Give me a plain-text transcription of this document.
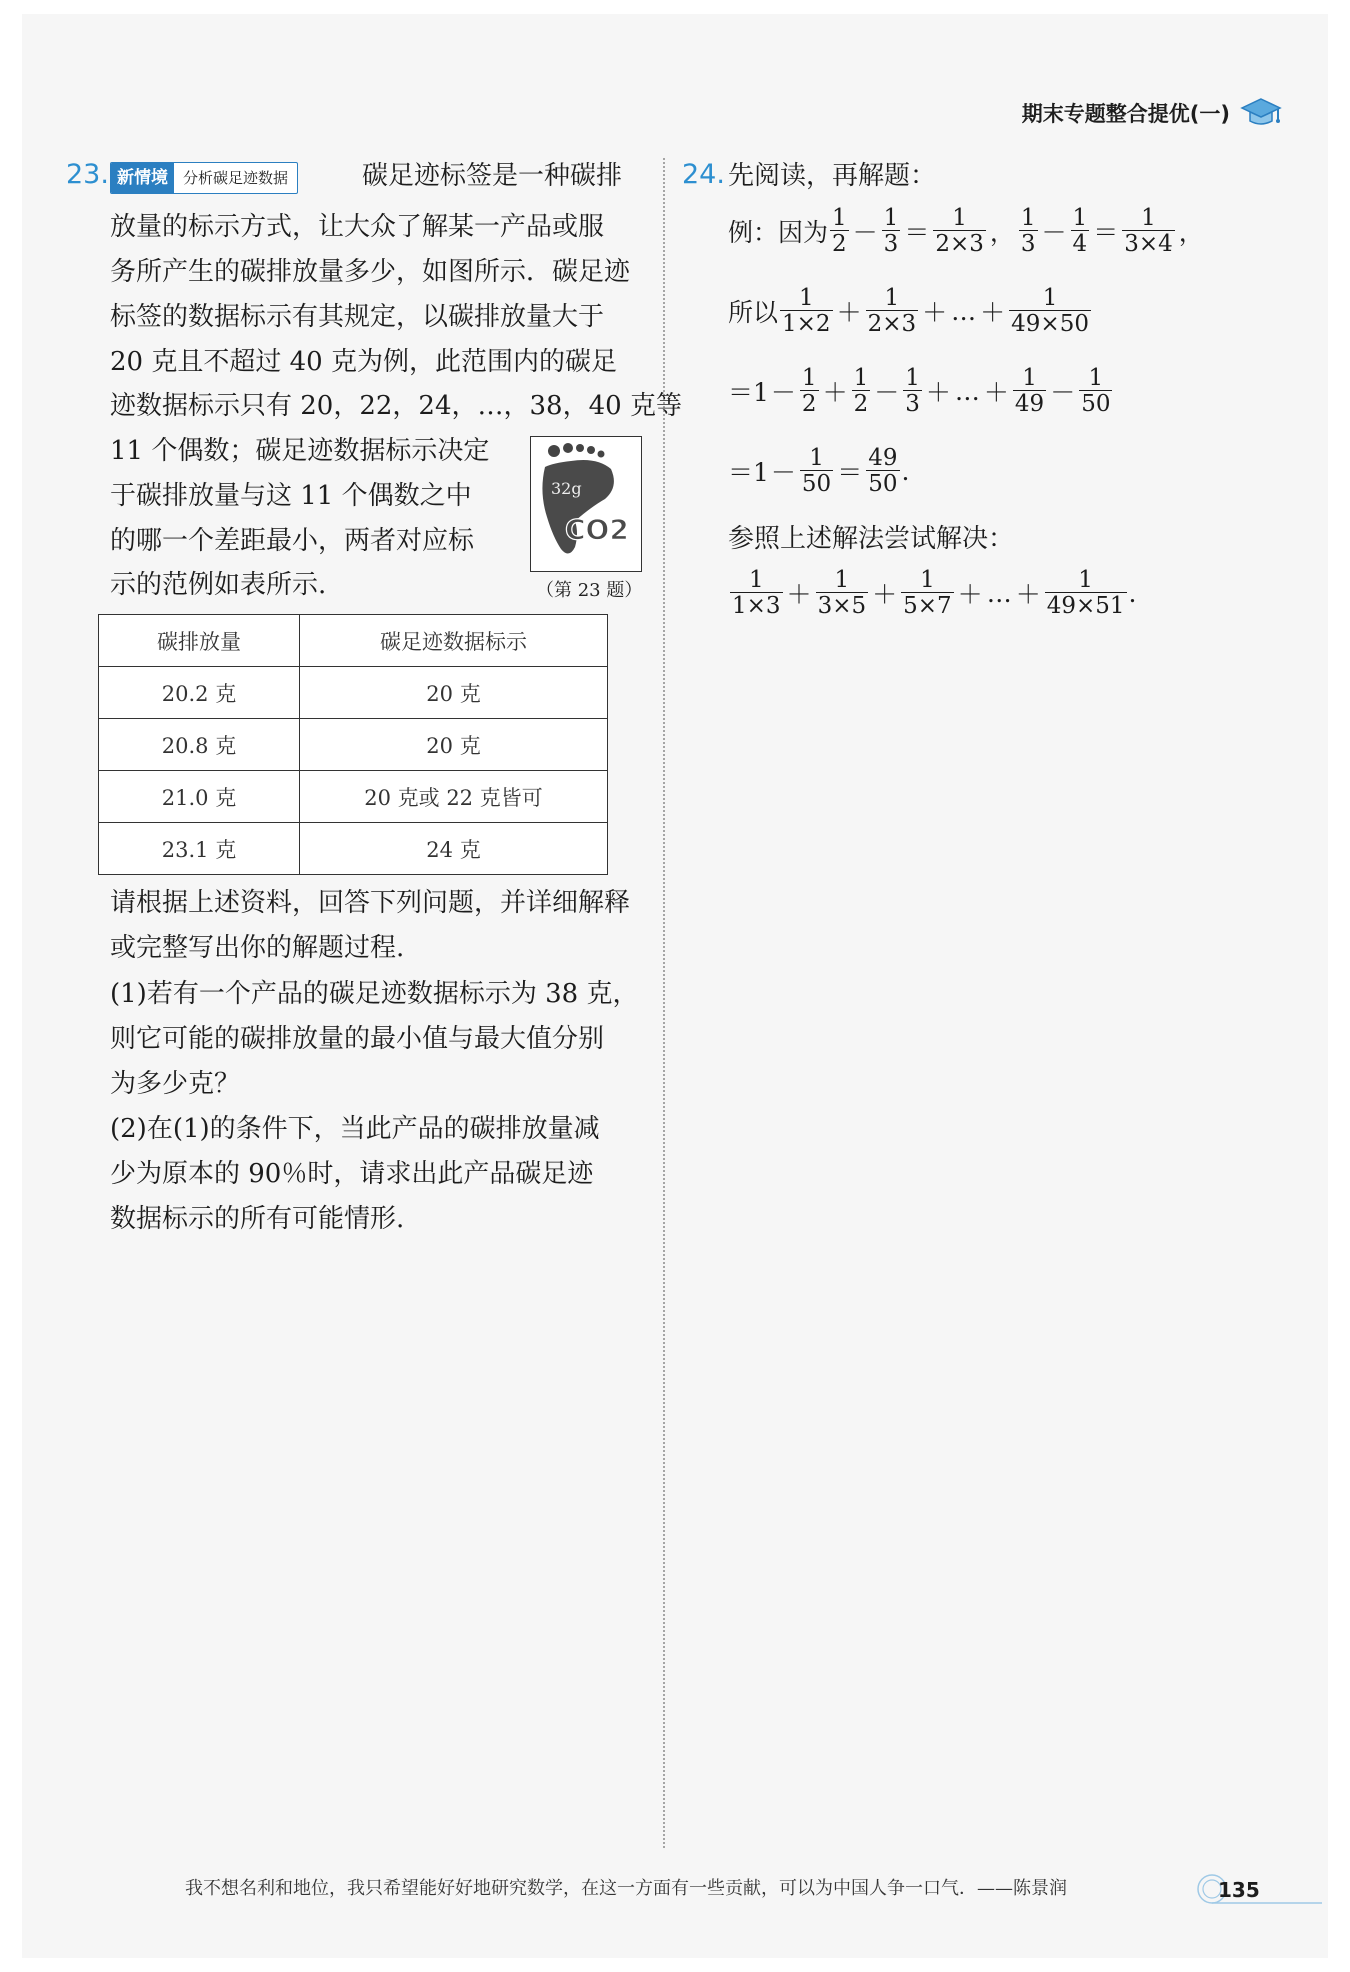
期末专题整合提优(一)
23. 新情境	分析碳足迹数据	碳足迹标签是一种碳排
放量的标示方式，让大众了解某一产品或服
务所产生的碳排放量多少，如图所示．碳足迹
标签的数据标示有其规定，以碳排放量大于
20 克且不超过 40 克为例，此范围内的碳足
迹数据标示只有 20，22，24，…，38，40 克等
11 个偶数；碳足迹数据标示决定
于碳排放量与这 11 个偶数之中
的哪一个差距最小，两者对应标
示的范例如表所示.
32g
CO2
（第 23 题）
碳排放量	碳足迹数据标示
20.2 克	20 克
20.8 克	20 克
21.0 克	20 克或 22 克皆可
23.1 克	24 克
请根据上述资料，回答下列问题，并详细解释
或完整写出你的解题过程.
(1)若有一个产品的碳足迹数据标示为 38 克，
则它可能的碳排放量的最小值与最大值分别
为多少克？
(2)在(1)的条件下，当此产品的碳排放量减
少为原本的 90％时，请求出此产品碳足迹
数据标示的所有可能情形.
24. 先阅读，再解题：
例：因为 $\frac{1}{2} - \frac{1}{3} = \frac{1}{2\times 3}$ ， $\frac{1}{3} - \frac{1}{4} = \frac{1}{3\times 4}$ ，
所以 $\frac{1}{1\times 2} + \frac{1}{2\times 3}$ ＋ … ＋ $\frac{1}{49\times 50}$
$=1 - \frac{1}{2} + \frac{1}{2} - \frac{1}{3}$ ＋ … ＋ $\frac{1}{49} - \frac{1}{50}$
$=1 - \frac{1}{50} = \frac{49}{50}$ .
参照上述解法尝试解决：
$\frac{1}{1\times 3} + \frac{1}{3\times 5} + \frac{1}{5\times 7}$ ＋ … ＋ $\frac{1}{49\times 51}$ .
我不想名利和地位，我只希望能好好地研究数学，在这一方面有一些贡献，可以为中国人争一口气．——陈景润	135
